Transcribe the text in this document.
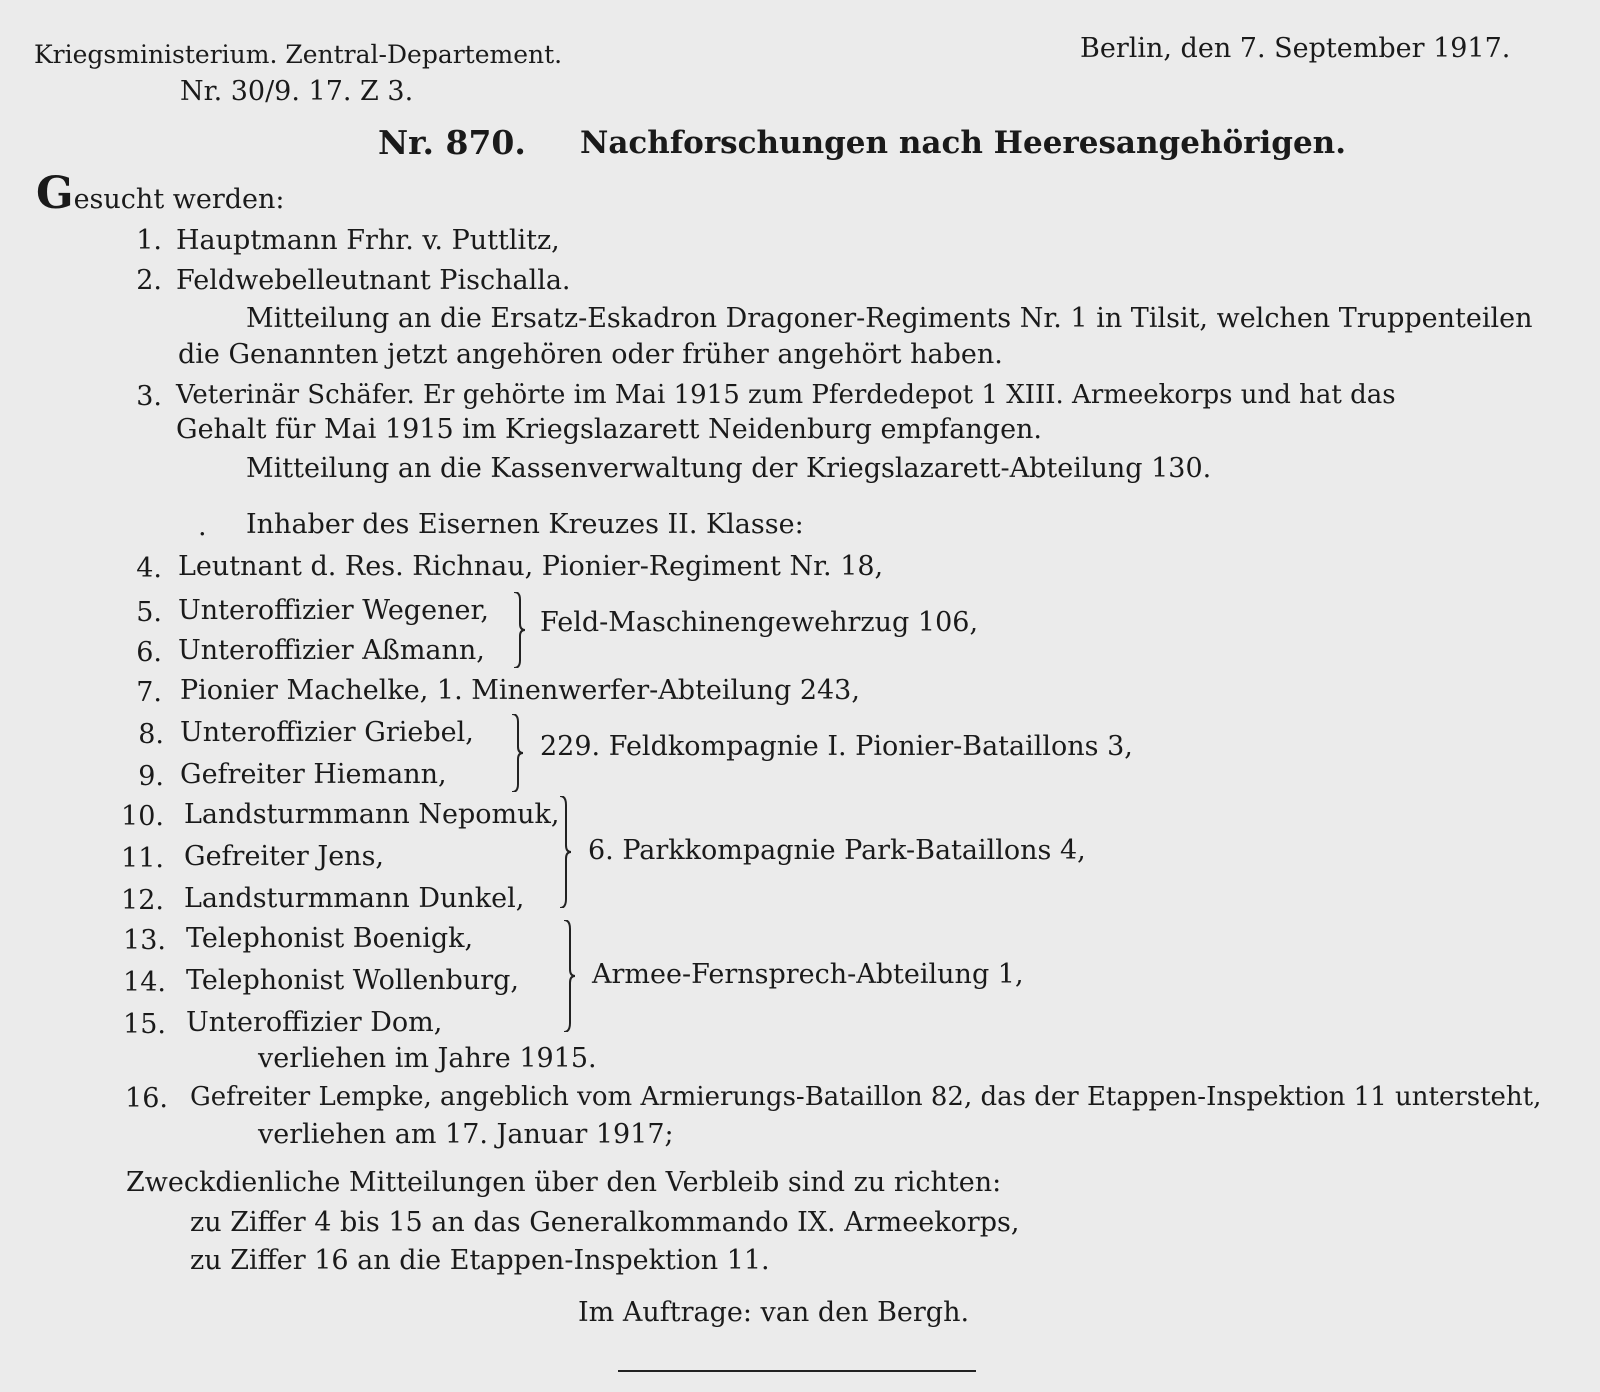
Kriegsministerium. Zentral-Departement.
Nr. 30/9. 17. Z 3.
Berlin, den 7. September 1917.
Nr. 870. Nachforschungen nach Heeresangehörigen.
Gesucht werden:
1. Hauptmann Frhr. v. Puttlitz,
2. Feldwebelleutnant Pischalla.
Mitteilung an die Ersatz-Eskadron Dragoner-Regiments Nr. 1 in Tilsit, welchen Truppenteilen
die Genannten jetzt angehören oder früher angehört haben.
3. Veterinär Schäfer. Er gehörte im Mai 1915 zum Pferdedepot 1 XIII. Armeekorps und hat das
Gehalt für Mai 1915 im Kriegslazarett Neidenburg empfangen.
Mitteilung an die Kassenverwaltung der Kriegslazarett-Abteilung 130.
. Inhaber des Eisernen Kreuzes II. Klasse:
4. Leutnant d. Res. Richnau, Pionier-Regiment Nr. 18,
5. Unteroffizier Wegener,
6. Unteroffizier Aßmann,
Feld-Maschinengewehrzug 106,
7. Pionier Machelke, 1. Minenwerfer-Abteilung 243,
8. Unteroffizier Griebel,
9. Gefreiter Hiemann,
229. Feldkompagnie I. Pionier-Bataillons 3,
10. Landsturmmann Nepomuk,
11. Gefreiter Jens,
12. Landsturmmann Dunkel,
6. Parkkompagnie Park-Bataillons 4,
13. Telephonist Boenigk,
14. Telephonist Wollenburg,
15. Unteroffizier Dom,
Armee-Fernsprech-Abteilung 1,
verliehen im Jahre 1915.
16. Gefreiter Lempke, angeblich vom Armierungs-Bataillon 82, das der Etappen-Inspektion 11 untersteht,
verliehen am 17. Januar 1917;
Zweckdienliche Mitteilungen über den Verbleib sind zu richten:
zu Ziffer 4 bis 15 an das Generalkommando IX. Armeekorps,
zu Ziffer 16 an die Etappen-Inspektion 11.
Im Auftrage: van den Bergh.
